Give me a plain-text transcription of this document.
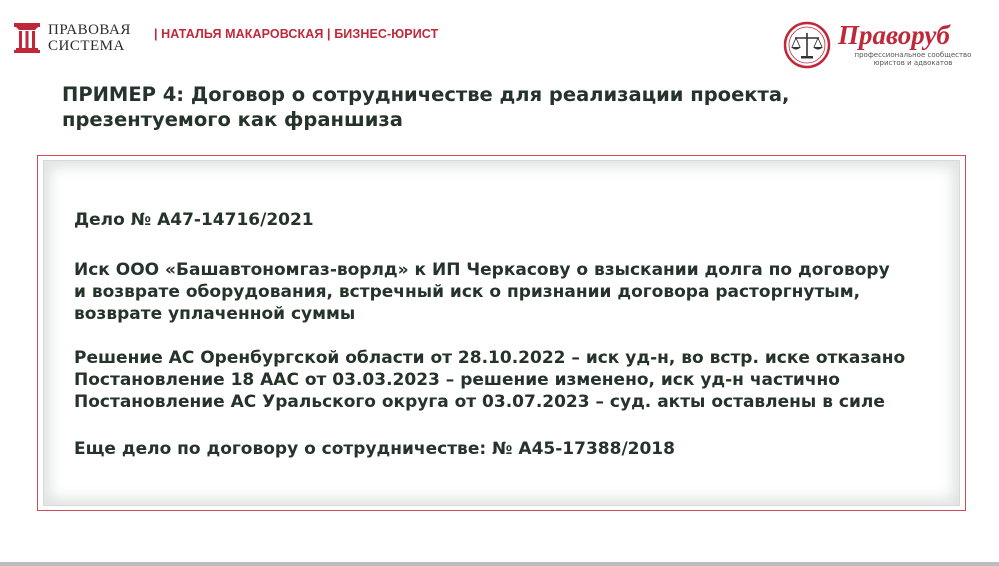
ПРАВОВАЯ
СИСТЕМА
| НАТАЛЬЯ МАКАРОВСКАЯ | БИЗНЕС-ЮРИСТ	Праворуб
профессиональное сообщество юристов и адвокатов
ПРИМЕР 4: Договор о сотрудничестве для реализации проекта,
презентуемого как франшиза
Дело № А47-14716/2021
Иск ООО «Башавтономгаз-ворлд» к ИП Черкасову о взыскании долга по договору
и возврате оборудования, встречный иск о признании договора расторгнутым,
возврате уплаченной суммы
Решение АС Оренбургской области от 28.10.2022 – иск уд-н, во встр. иске отказано
Постановление 18 ААС от 03.03.2023 – решение изменено, иск уд-н частично
Постановление АС Уральского округа от 03.07.2023 – суд. акты оставлены в силе
Еще дело по договору о сотрудничестве: № А45-17388/2018
